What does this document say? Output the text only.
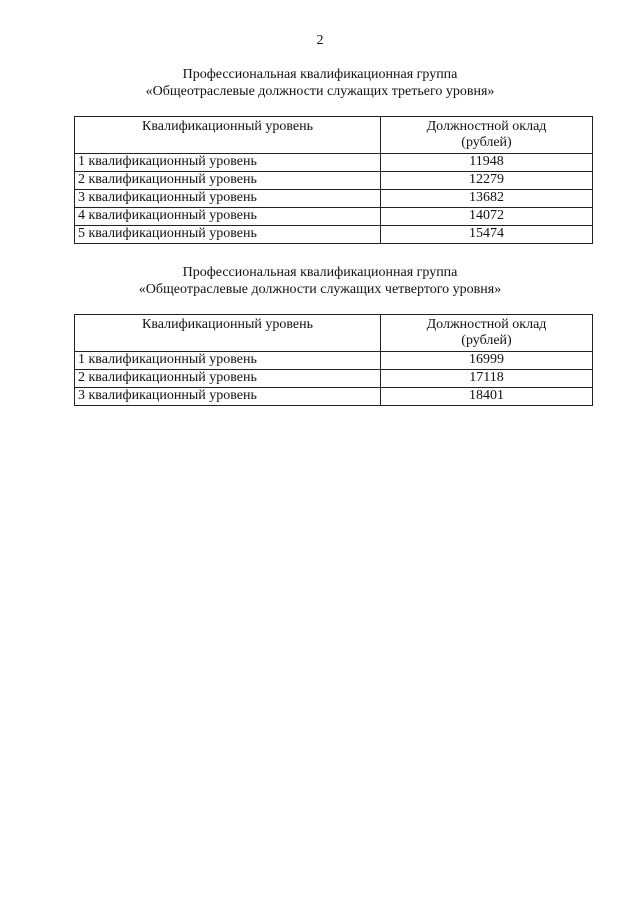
2
Профессиональная квалификационная группа
«Общеотраслевые должности служащих третьего уровня»
Квалификационный уровень	Должностной оклад
(рублей)

1 квалификационный уровень	11948
2 квалификационный уровень	12279
3 квалификационный уровень	13682
4 квалификационный уровень	14072
5 квалификационный уровень	15474
Профессиональная квалификационная группа
«Общеотраслевые должности служащих четвертого уровня»
Квалификационный уровень	Должностной оклад
(рублей)

1 квалификационный уровень	16999
2 квалификационный уровень	17118
3 квалификационный уровень	18401
